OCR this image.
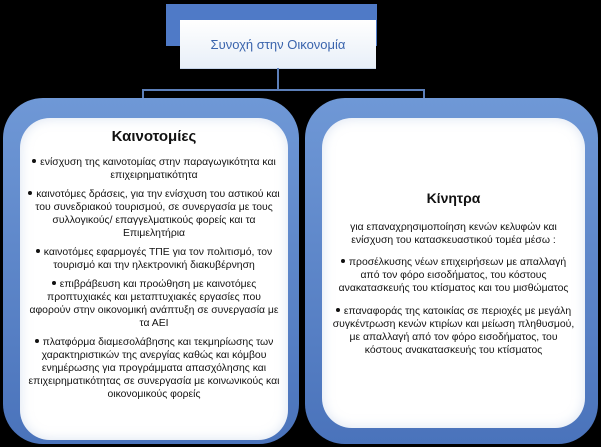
Συνοχή στην Οικονομία
Καινοτομίες
ενίσχυση της καινοτομίας στην παραγωγικότητα και επιχειρηματικότητα
καινοτόμες δράσεις, για την ενίσχυση του αστικού και του συνεδριακού τουρισμού, σε συνεργασία με τους συλλογικούς/ επαγγελματικούς φορείς και τα Επιμελητήρια
καινοτόμες εφαρμογές ΤΠΕ για τον πολιτισμό, τον τουρισμό και την ηλεκτρονική διακυβέρνηση
επιβράβευση και προώθηση με καινοτόμες προπτυχιακές και μεταπτυχιακές εργασίες που αφορούν στην οικονομική ανάπτυξη σε συνεργασία με τα ΑΕΙ
πλατφόρμα διαμεσολάβησης και τεκμηρίωσης των χαρακτηριστικών της ανεργίας καθώς και κόμβου ενημέρωσης για προγράμματα απασχόλησης και επιχειρηματικότητας σε συνεργασία με κοινωνικούς και οικονομικούς φορείς
Κίνητρα
για επαναχρησιμοποίηση κενών κελυφών και ενίσχυση του κατασκευαστικού τομέα μέσω :
προσέλκυσης νέων επιχειρήσεων με απαλλαγή από τον φόρο εισοδήματος, του κόστους ανακατασκευής του κτίσματος και του μισθώματος
επαναφοράς της κατοικίας σε περιοχές με μεγάλη συγκέντρωση κενών κτιρίων και μείωση πληθυσμού, με απαλλαγή από τον φόρο εισοδήματος, του κόστους ανακατασκευής του κτίσματος
